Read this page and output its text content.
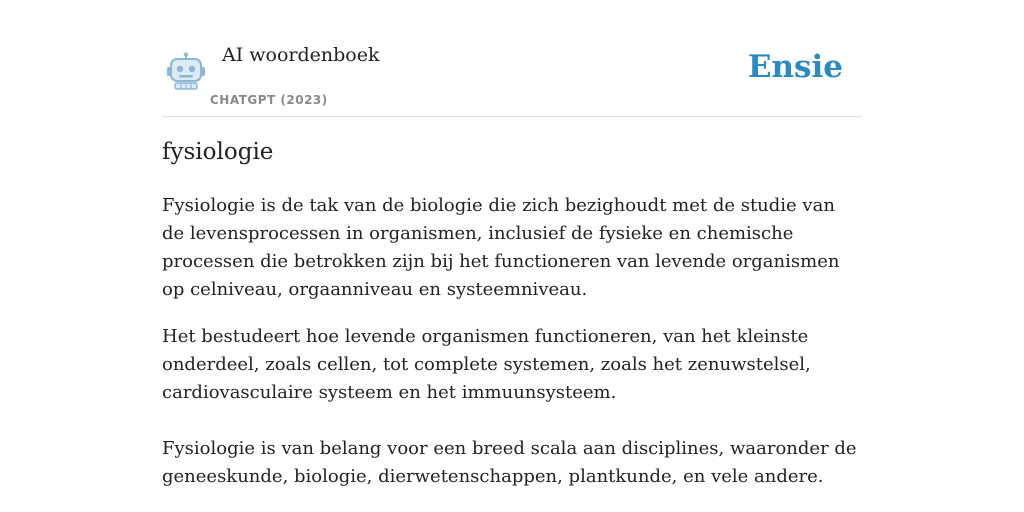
AI woordenboek
CHATGPT (2023)
Ensie
fysiologie

Fysiologie is de tak van de biologie die zich bezighoudt met de studie van de levensprocessen in organismen, inclusief de fysieke en chemische processen die betrokken zijn bij het functioneren van levende organismen op celniveau, orgaanniveau en systeemniveau.

Het bestudeert hoe levende organismen functioneren, van het kleinste onderdeel, zoals cellen, tot complete systemen, zoals het zenuwstelsel, cardiovasculaire systeem en het immuunsysteem.

Fysiologie is van belang voor een breed scala aan disciplines, waaronder de geneeskunde, biologie, dierwetenschappen, plantkunde, en vele andere.
